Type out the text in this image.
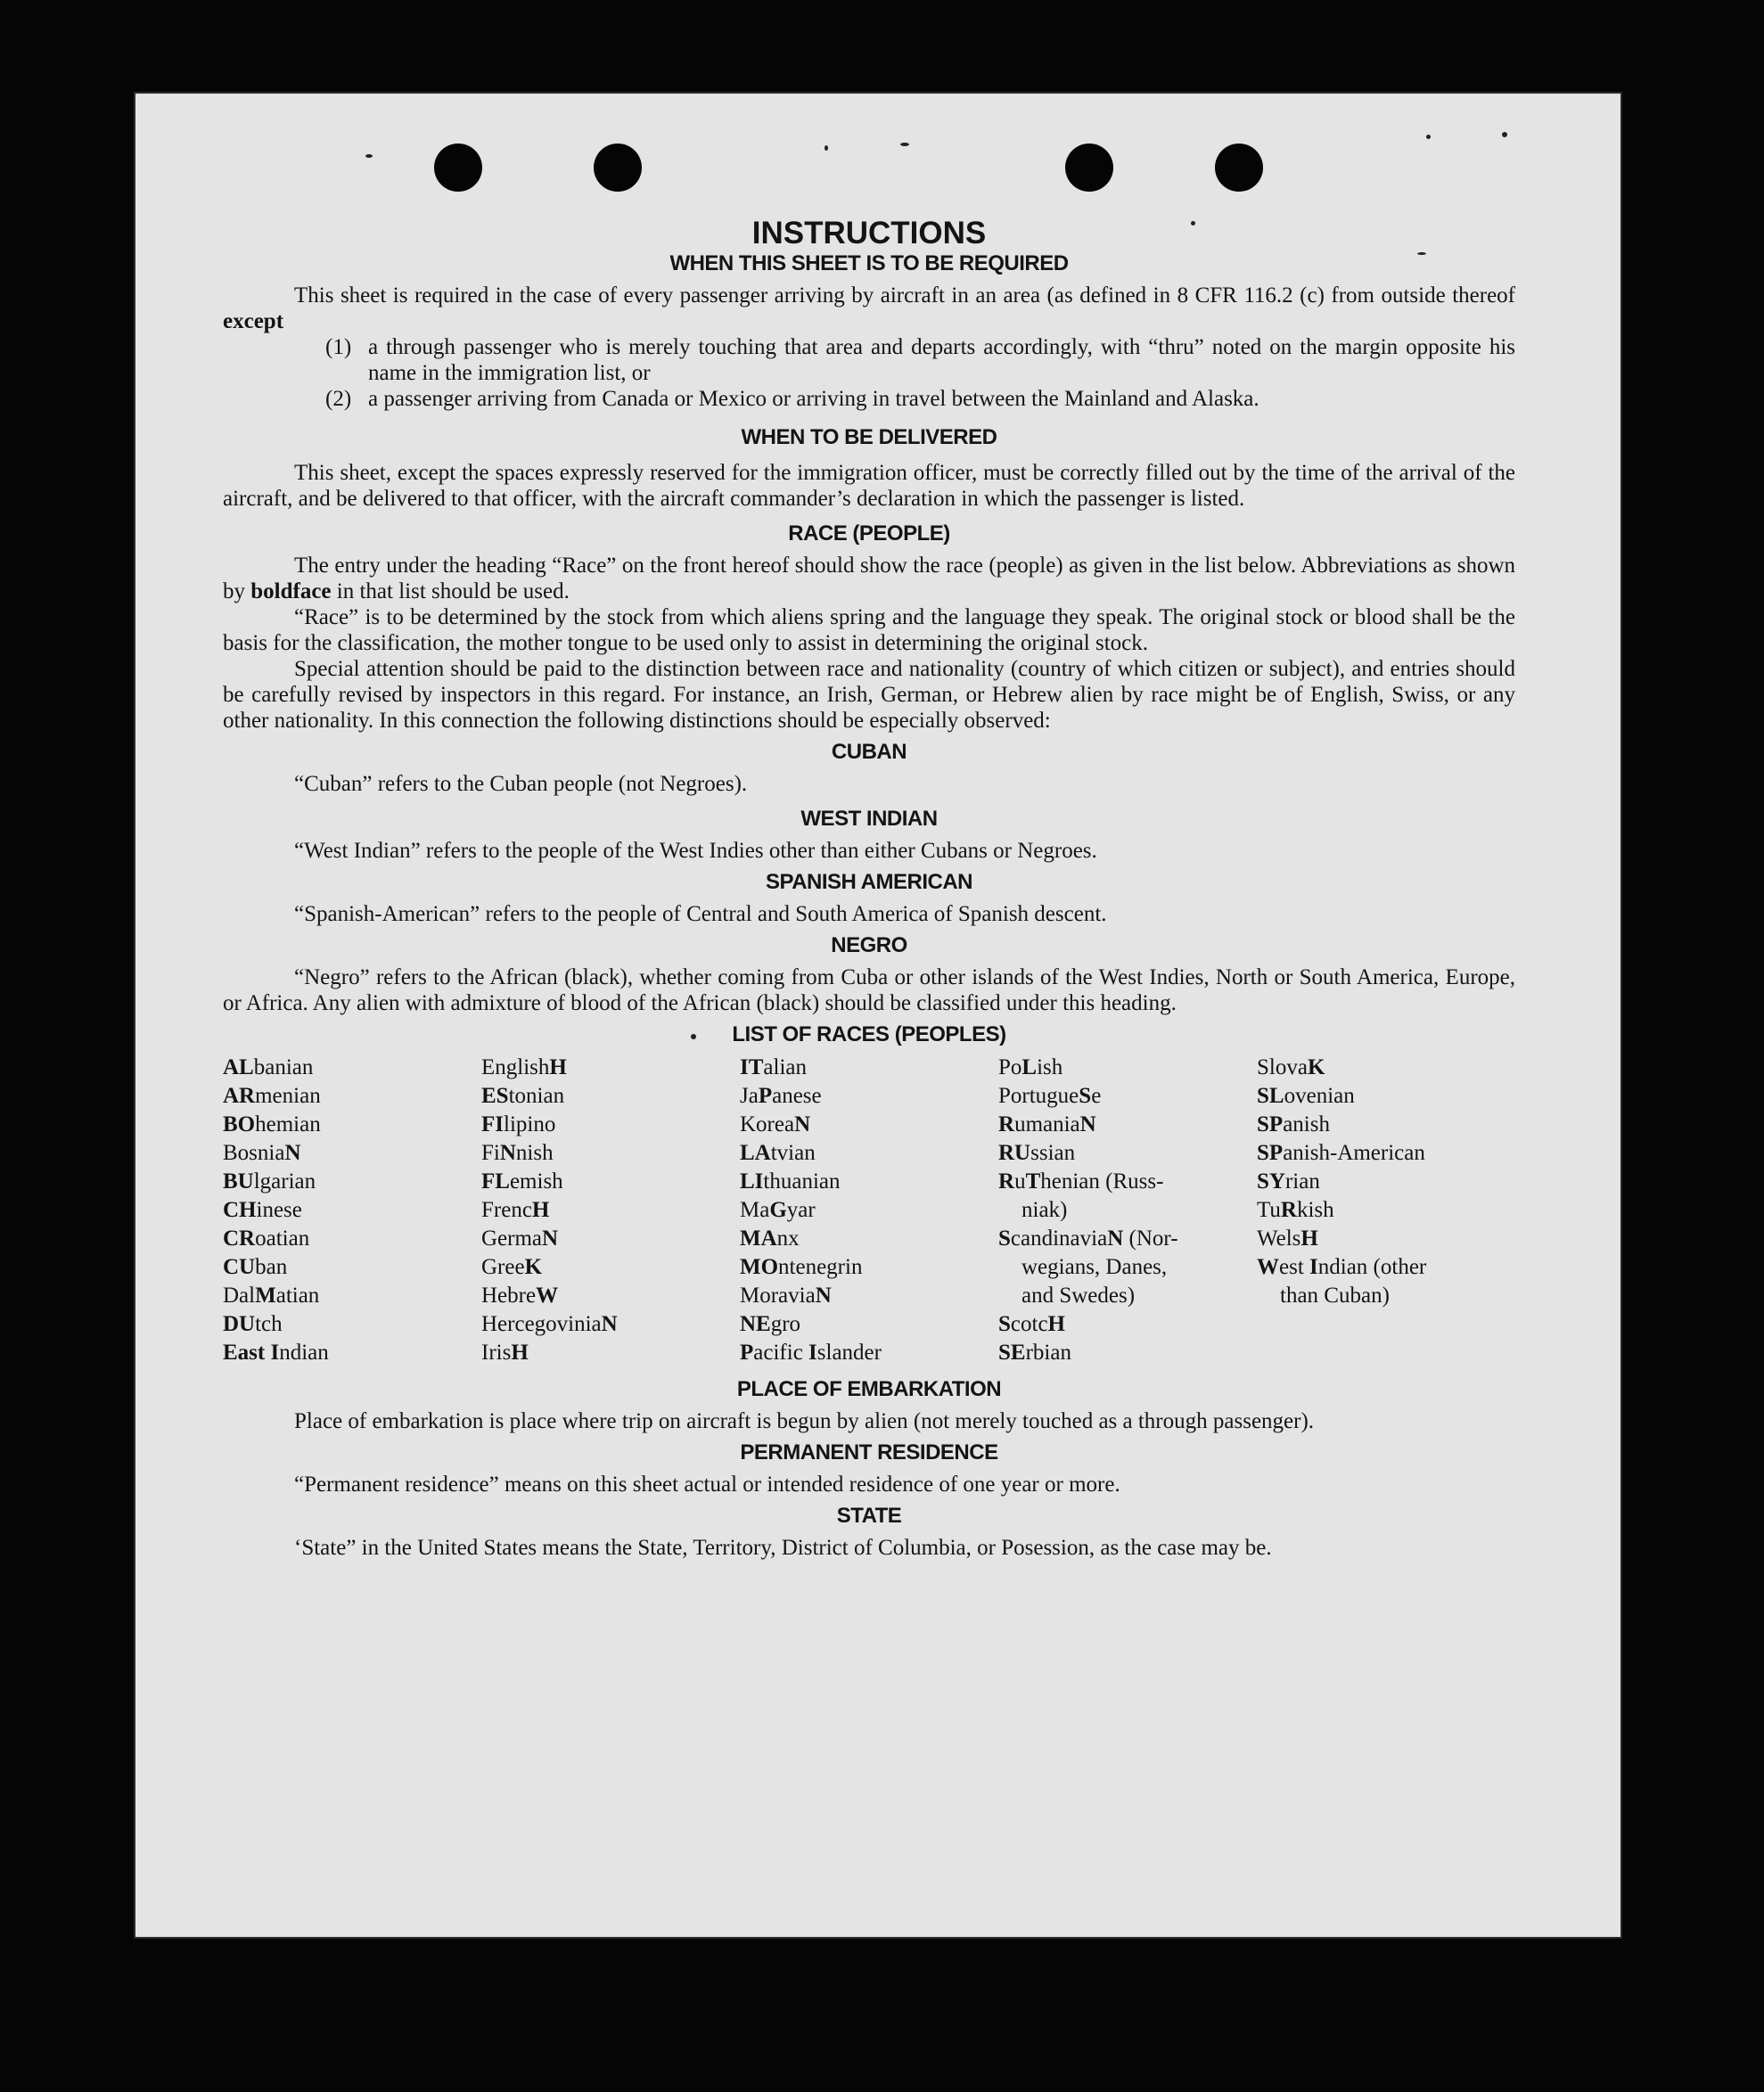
INSTRUCTIONS
WHEN THIS SHEET IS TO BE REQUIRED

This sheet is required in the case of every passenger arriving by aircraft in an area (as defined in 8 CFR 116.2 (c) from outside thereof except

(1) a through passenger who is merely touching that area and departs accordingly, with “thru” noted on the margin opposite his name in the immigration list, or

(2) a passenger arriving from Canada or Mexico or arriving in travel between the Mainland and Alaska.

WHEN TO BE DELIVERED

This sheet, except the spaces expressly reserved for the immigration officer, must be correctly filled out by the time of the arrival of the aircraft, and be delivered to that officer, with the aircraft commander’s declaration in which the passenger is listed.

RACE (PEOPLE)

The entry under the heading “Race” on the front hereof should show the race (people) as given in the list below. Abbreviations as shown by boldface in that list should be used.

“Race” is to be determined by the stock from which aliens spring and the language they speak. The original stock or blood shall be the basis for the classification, the mother tongue to be used only to assist in determining the original stock.

Special attention should be paid to the distinction between race and nationality (country of which citizen or subject), and entries should be carefully revised by inspectors in this regard. For instance, an Irish, German, or Hebrew alien by race might be of English, Swiss, or any other nationality. In this connection the following distinctions should be especially observed:

CUBAN

“Cuban” refers to the Cuban people (not Negroes).

WEST INDIAN

“West Indian” refers to the people of the West Indies other than either Cubans or Negroes.

SPANISH AMERICAN

“Spanish-American” refers to the people of Central and South America of Spanish descent.

NEGRO

“Negro” refers to the African (black), whether coming from Cuba or other islands of the West Indies, North or South America, Europe, or Africa. Any alien with admixture of blood of the African (black) should be classified under this heading.

LIST OF RACES (PEOPLES)
ALbanian
ARmenian
BOhemian
BosniaN
BUlgarian
CHinese
CRoatian
CUban
DalMatian
DUtch
East Indian
EnglishH
EStonian
FIlipino
FiNnish
FLemish
FrencH
GermaN
GreeK
HebreW
HercegoviniaN
IrisH
ITalian
JaPanese
KoreaN
LAtvian
LIthuanian
MaGyar
MAnx
MOntenegrin
MoraviaN
NEgro
Pacific Islander
PoLish
PortugueSe
RumaniaN
RUssian
RuThenian (Russ-
niak)
ScandinaviaN (Nor-
wegians, Danes,
and Swedes)
ScotcH
SErbian
SlovaK
SLovenian
SPanish
SPanish-American
SYrian
TuRkish
WelsH
West Indian (other
than Cuban)
PLACE OF EMBARKATION

Place of embarkation is place where trip on aircraft is begun by alien (not merely touched as a through passenger).

PERMANENT RESIDENCE

“Permanent residence” means on this sheet actual or intended residence of one year or more.

STATE

‘State” in the United States means the State, Territory, District of Columbia, or Posession, as the case may be.
